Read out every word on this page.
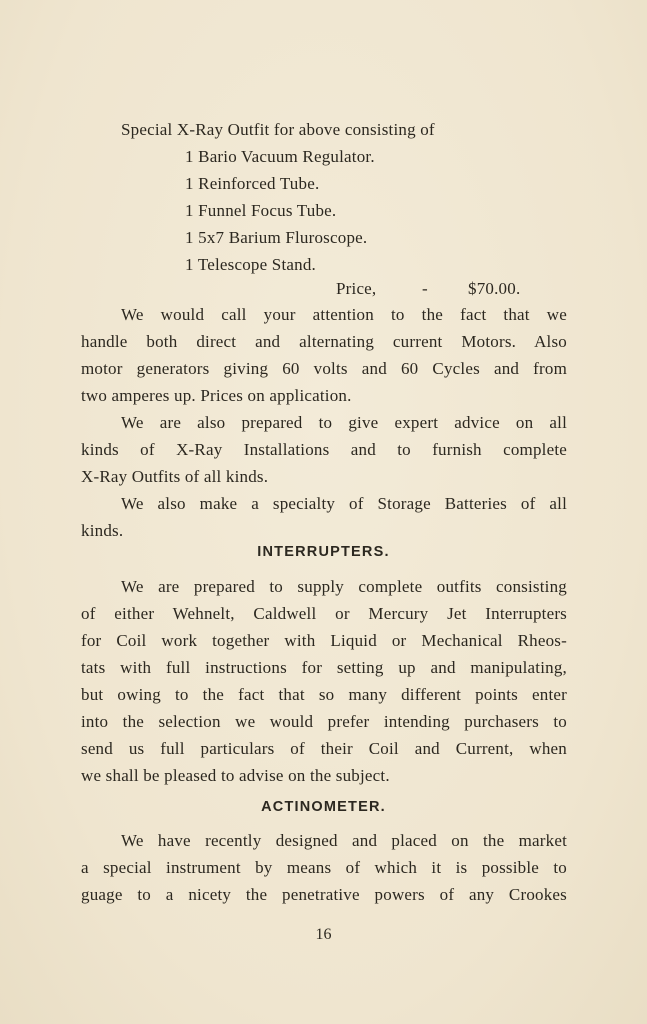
Special X-Ray Outfit for above consisting of
1 Bario Vacuum Regulator.
1 Reinforced Tube.
1 Funnel Focus Tube.
1 5x7 Barium Fluroscope.
1 Telescope Stand.
Price,	- $70.00.
We would call your attention to the fact that we
handle both direct and alternating current Motors. Also
motor generators giving 60 volts and 60 Cycles and from
two amperes up. Prices on application.
We are also prepared to give expert advice on all
kinds of X-Ray Installations and to furnish complete
X-Ray Outfits of all kinds.
We also make a specialty of Storage Batteries of all
kinds.
INTERRUPTERS.
We are prepared to supply complete outfits consisting
of either Wehnelt, Caldwell or Mercury Jet Interrupters
for Coil work together with Liquid or Mechanical Rheos-
tats with full instructions for setting up and manipulating,
but owing to the fact that so many different points enter
into the selection we would prefer intending purchasers to
send us full particulars of their Coil and Current, when
we shall be pleased to advise on the subject.
ACTINOMETER.
We have recently designed and placed on the market
a special instrument by means of which it is possible to
guage to a nicety the penetrative powers of any Crookes
16
